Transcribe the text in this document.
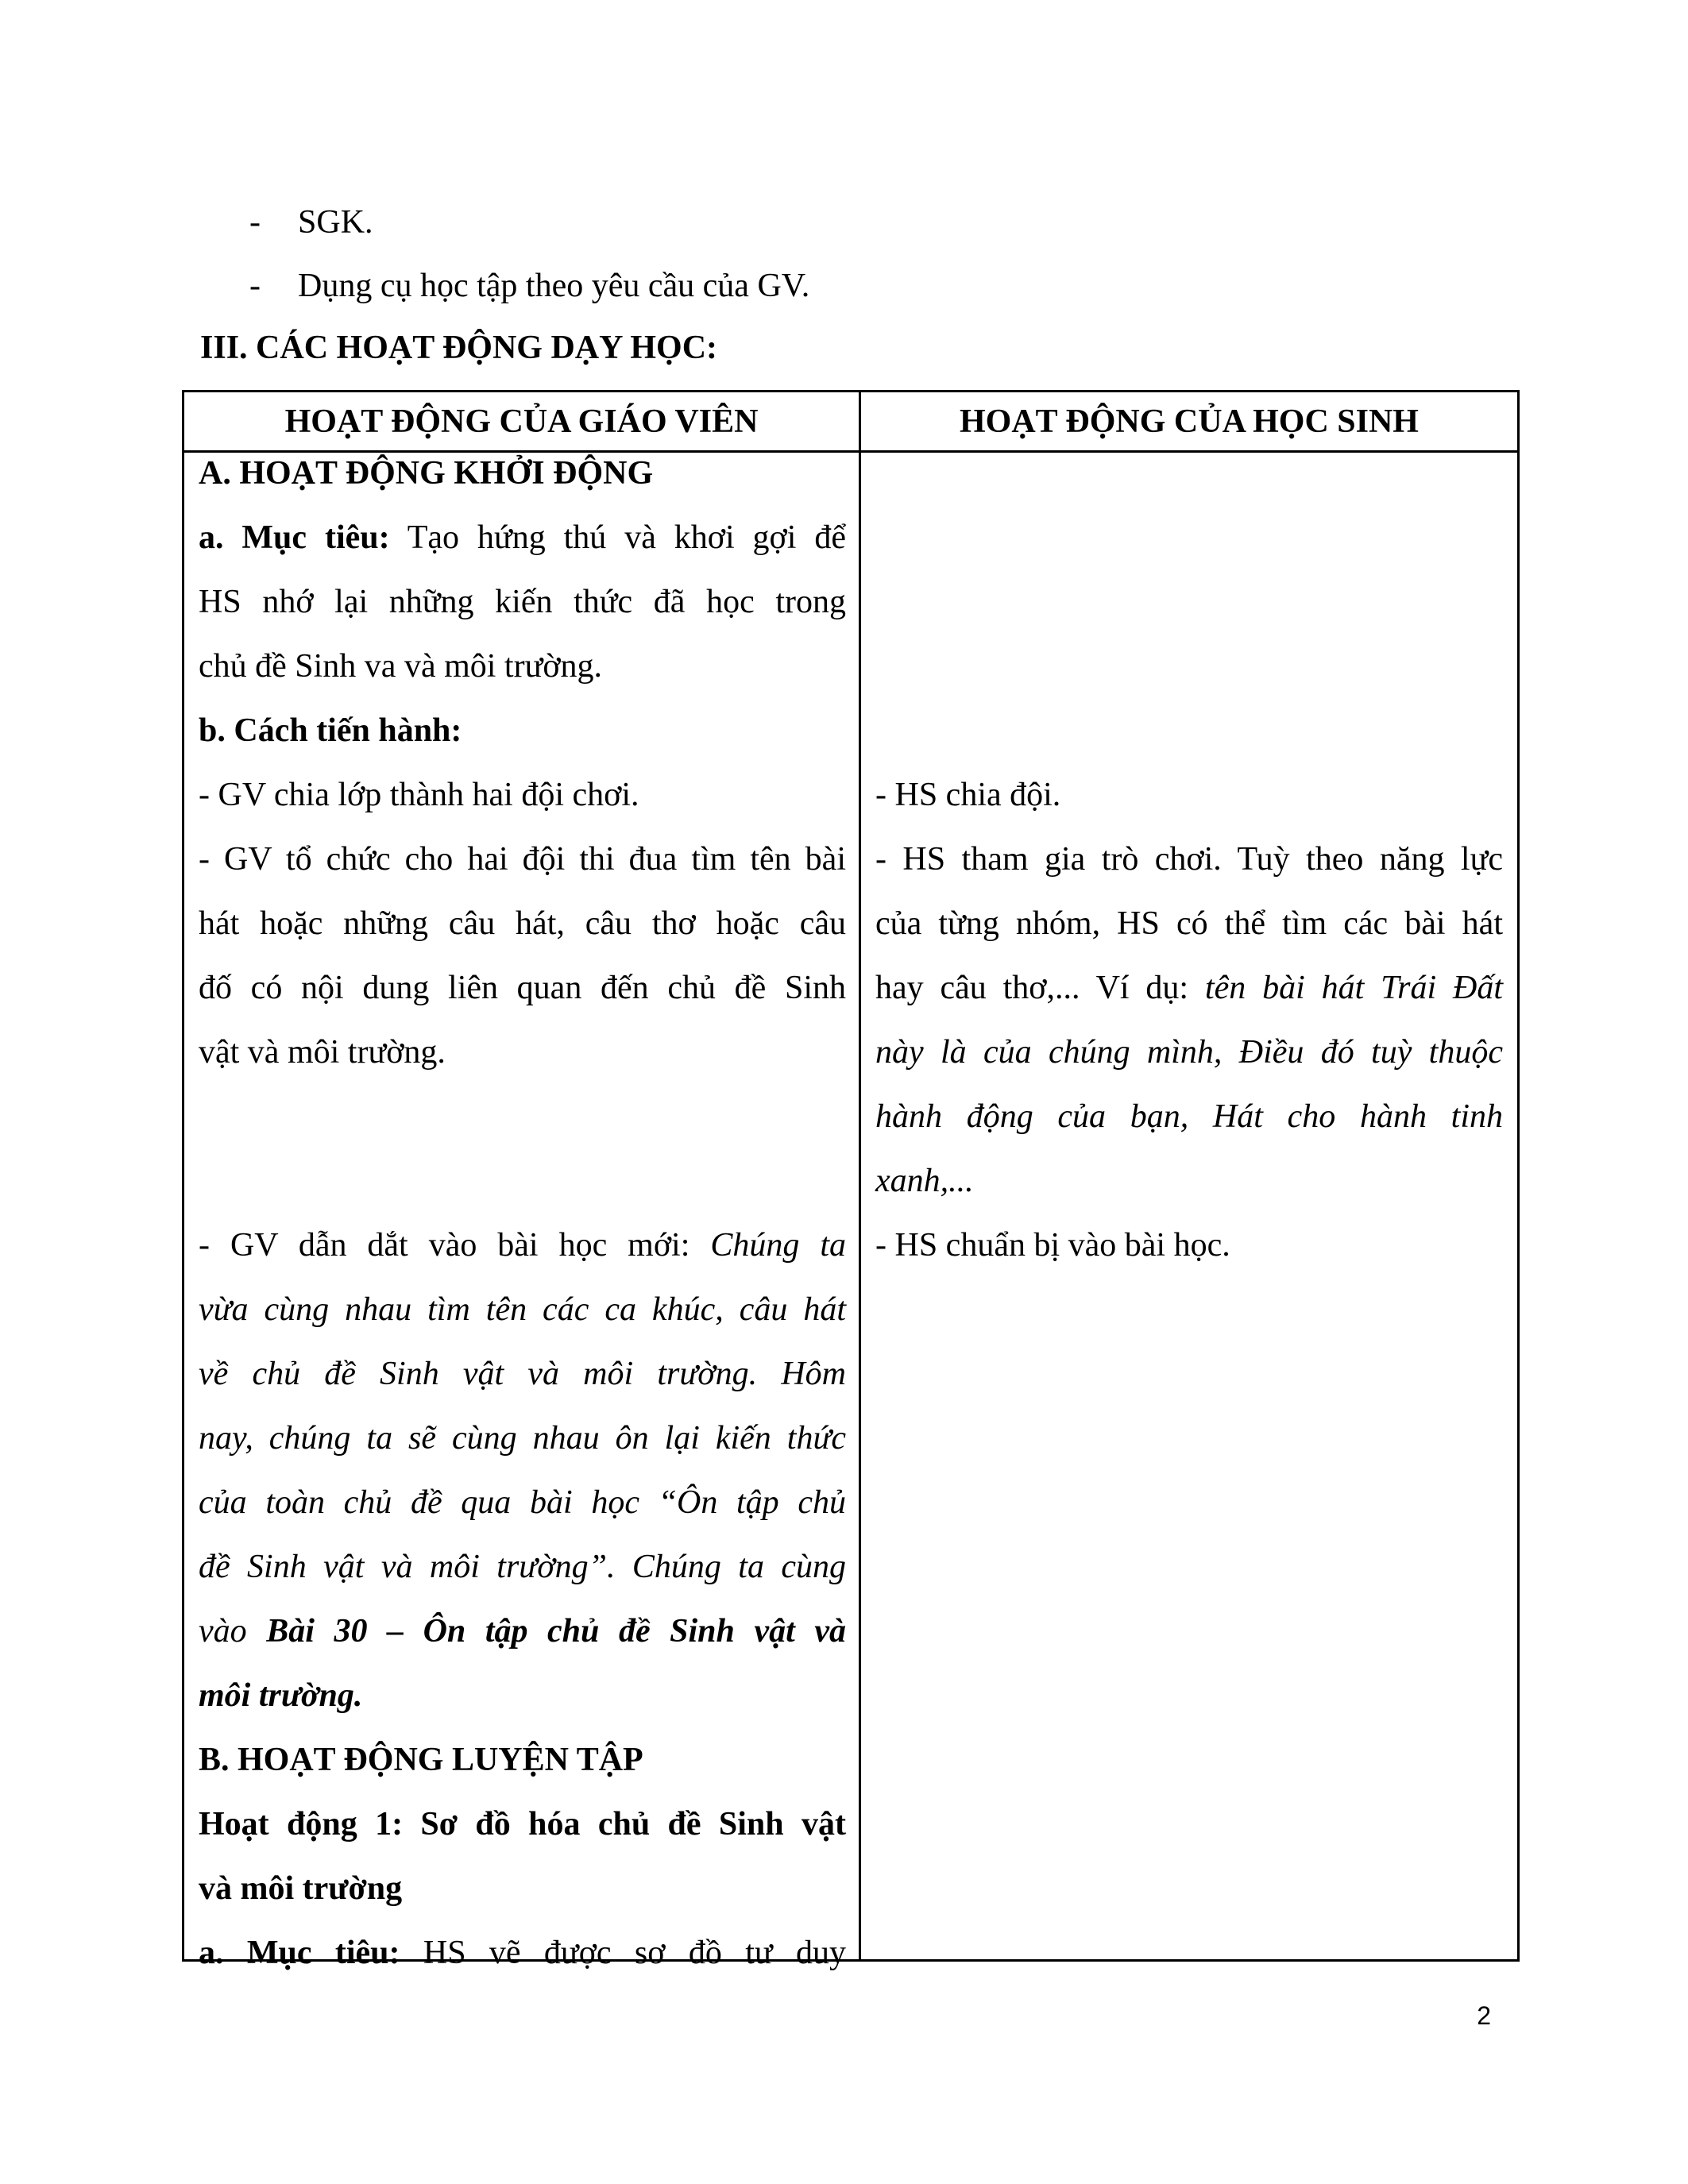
- SGK.
- Dụng cụ học tập theo yêu cầu của GV.
III. CÁC HOẠT ĐỘNG DẠY HỌC:
HOẠT ĐỘNG CỦA GIÁO VIÊN	HOẠT ĐỘNG CỦA HỌC SINH

A. HOẠT ĐỘNG KHỞI ĐỘNG

a. Mục tiêu: Tạo hứng thú và khơi gợi để

HS nhớ lại những kiến thức đã học trong

chủ đề Sinh va và môi trường.

b. Cách tiến hành:

- GV chia lớp thành hai đội chơi.

- GV tổ chức cho hai đội thi đua tìm tên bài

hát hoặc những câu hát, câu thơ hoặc câu

đố có nội dung liên quan đến chủ đề Sinh

vật và môi trường.

- GV dẫn dắt vào bài học mới: Chúng ta

vừa cùng nhau tìm tên các ca khúc, câu hát

về chủ đề Sinh vật và môi trường. Hôm

nay, chúng ta sẽ cùng nhau ôn lại kiến thức

của toàn chủ đề qua bài học “Ôn tập chủ

đề Sinh vật và môi trường”. Chúng ta cùng

vào Bài 30 – Ôn tập chủ đề Sinh vật và

môi trường.

B. HOẠT ĐỘNG LUYỆN TẬP

Hoạt động 1: Sơ đồ hóa chủ đề Sinh vật

và môi trường

a. Mục tiêu: HS vẽ được sơ đồ tư duy

- HS chia đội.

- HS tham gia trò chơi. Tuỳ theo năng lực

của từng nhóm, HS có thể tìm các bài hát

hay câu thơ,... Ví dụ: tên bài hát Trái Đất

này là của chúng mình, Điều đó tuỳ thuộc

hành động của bạn, Hát cho hành tinh

xanh,...

- HS chuẩn bị vào bài học.

2
